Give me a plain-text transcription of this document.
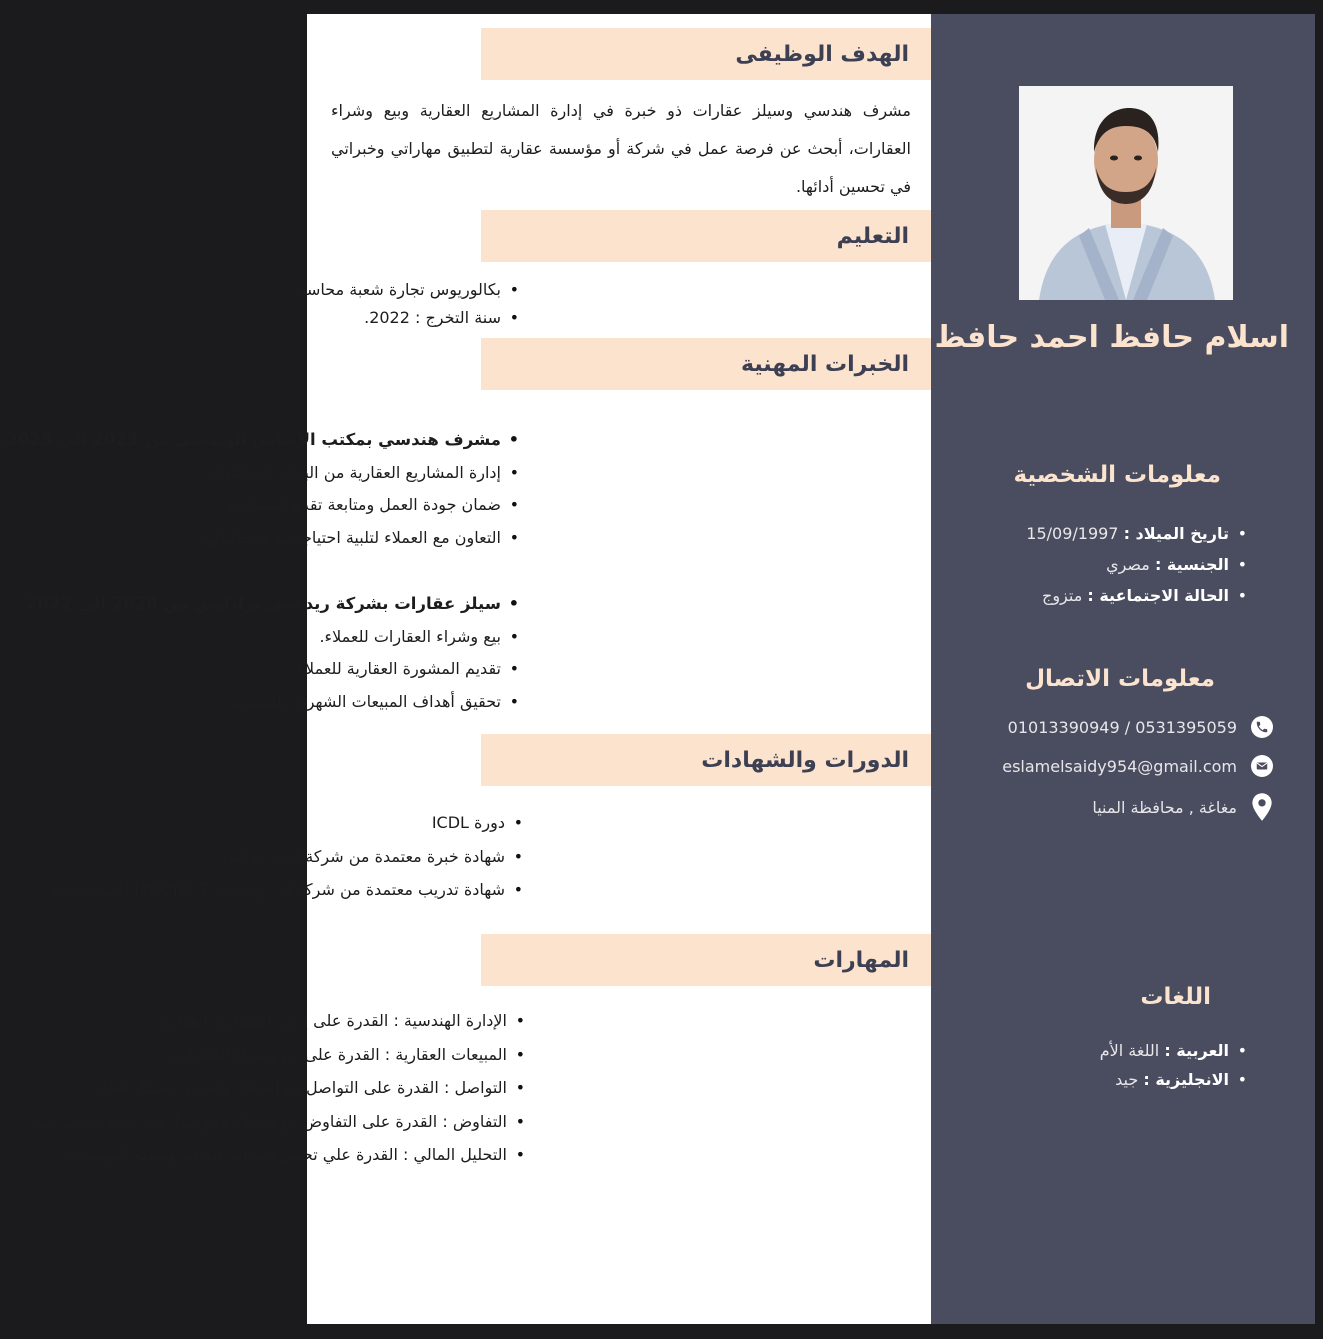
الهدف الوظيفى
مشرف هندسي وسيلز عقارات ذو خبرة في إدارة المشاريع العقارية وبيع وشراء العقارات، أبحث عن فرصة عمل في شركة أو مؤسسة عقارية لتطبيق مهاراتي وخبراتي في تحسين أدائها.
التعليم
• بكالوريوس تجارة شعبة محاسبة.
• سنة التخرج : 2022.
الخبرات المهنية
• مشرف هندسي بمكتب الأساس الهندسي من 2023 الى 2025.
• إدارة المشاريع العقارية من البداية إلى النهاية.
• ضمان جودة العمل ومتابعة تقدم المشاريع.
• التعاون مع العملاء لتلبية احتياجاتهم ومتطلباتهم.
• سيلز عقارات بشركة ريد سي برادايس من 2020 الى 2022.
• بيع وشراء العقارات للعملاء.
• تقديم المشورة العقارية للعملاء.
• تحقيق أهداف المبيعات الشهرية والسنوية.
الدورات والشهادات
• دورة ICDL
• شهادة خبرة معتمدة من شركة إيجي ترانيرز.
• شهادة تدريب معتمدة من شركة آي بروجكت IPROJECT (للمقاولات).
المهارات
• الإدارة الهندسية : القدرة على إدارة المشاريع العقارية.
• المبيعات العقارية : القدرة على بيع وشراء العقارات.
• التواصل : القدرة على التواصل مع العملاء والفريق بشكل فعال.
• التفاوض : القدرة على التفاوض مع العملاء والوصول إلى اتفاقيات مرضية.
• التحليل المالي : القدرة علي تحليل البيانات الماليه وتقديم التوصيات.
اسلام حافظ احمد حافظ
معلومات الشخصية
• تاريخ الميلاد : 15/09/1997
• الجنسية : مصري
• الحالة الاجتماعية : متزوج
معلومات الاتصال
0531395059 / 01013390949
eslamelsaidy954@gmail.com
مغاغة , محافظة المنيا
اللغات
• العربية : اللغة الأم
• الانجليزية : جيد
